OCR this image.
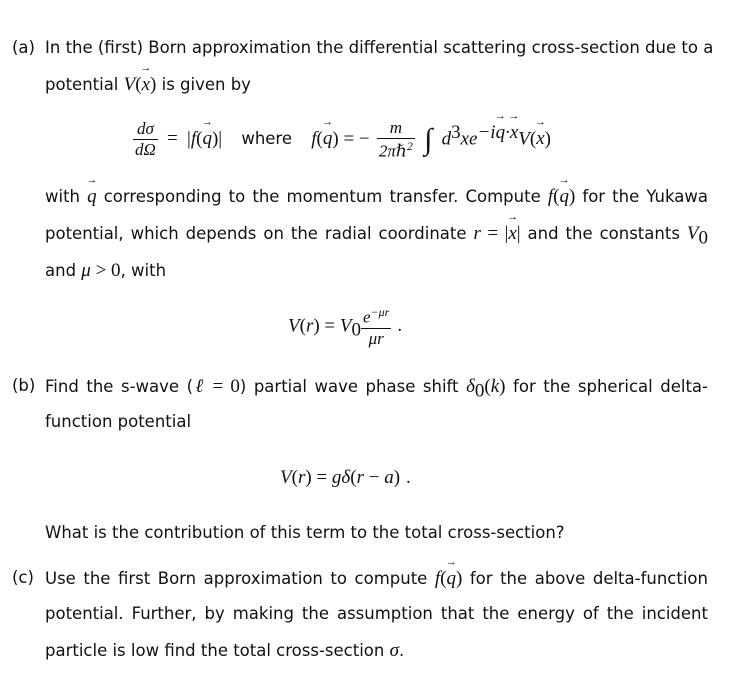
(a) In the (first) Born approximation the differential scattering cross-section due to a
potential V(x →) is given by
$\frac{d\sigma}{d\Omega} = |f(q$ →)| where f(q →) = − $\frac{m}{2\pi\hbar^2}$ ∫ $d^3xe^{-iq \to\cdot x} \to V(x$ →)
with q → corresponding to the momentum transfer. Compute f(q →) for the Yukawa
potential, which depends on the radial coordinate r = |x →| and the constants $V_0$
and μ > 0, with
$V(r) = V_0 \frac{e^{-\mu r}}{\mu r}$ .
(b) Find the s-wave (ℓ = 0) partial wave phase shift $\delta_0(k)$ for the spherical delta-
function potential
V(r) = gδ(r − a) .
What is the contribution of this term to the total cross-section?
(c) Use the first Born approximation to compute f(q →) for the above delta-function
potential. Further, by making the assumption that the energy of the incident
particle is low find the total cross-section σ.
